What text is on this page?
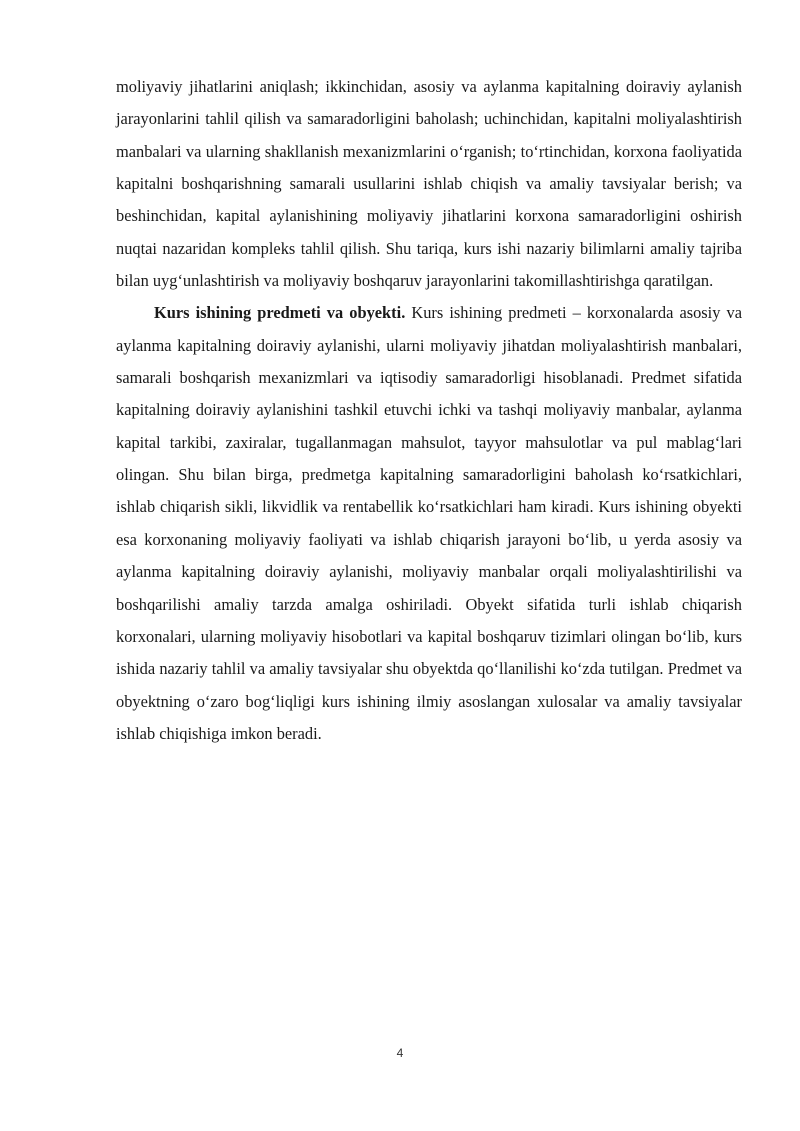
moliyaviy jihatlarini aniqlash; ikkinchidan, asosiy va aylanma kapitalning doiraviy aylanish jarayonlarini tahlil qilish va samaradorligini baholash; uchinchidan, kapitalni moliyalashtirish manbalari va ularning shakllanish mexanizmlarini o‘rganish; to‘rtinchidan, korxona faoliyatida kapitalni boshqarishning samarali usullarini ishlab chiqish va amaliy tavsiyalar berish; va beshinchidan, kapital aylanishining moliyaviy jihatlarini korxona samaradorligini oshirish nuqtai nazaridan kompleks tahlil qilish. Shu tariqa, kurs ishi nazariy bilimlarni amaliy tajriba bilan uyg‘unlashtirish va moliyaviy boshqaruv jarayonlarini takomillashtirishga qaratilgan.

Kurs ishining predmeti va obyekti. Kurs ishining predmeti – korxonalarda asosiy va aylanma kapitalning doiraviy aylanishi, ularni moliyaviy jihatdan moliyalashtirish manbalari, samarali boshqarish mexanizmlari va iqtisodiy samaradorligi hisoblanadi. Predmet sifatida kapitalning doiraviy aylanishini tashkil etuvchi ichki va tashqi moliyaviy manbalar, aylanma kapital tarkibi, zaxiralar, tugallanmagan mahsulot, tayyor mahsulotlar va pul mablag‘lari olingan. Shu bilan birga, predmetga kapitalning samaradorligini baholash ko‘rsatkichlari, ishlab chiqarish sikli, likvidlik va rentabellik ko‘rsatkichlari ham kiradi. Kurs ishining obyekti esa korxonaning moliyaviy faoliyati va ishlab chiqarish jarayoni bo‘lib, u yerda asosiy va aylanma kapitalning doiraviy aylanishi, moliyaviy manbalar orqali moliyalashtirilishi va boshqarilishi amaliy tarzda amalga oshiriladi. Obyekt sifatida turli ishlab chiqarish korxonalari, ularning moliyaviy hisobotlari va kapital boshqaruv tizimlari olingan bo‘lib, kurs ishida nazariy tahlil va amaliy tavsiyalar shu obyektda qo‘llanilishi ko‘zda tutilgan. Predmet va obyektning o‘zaro bog‘liqligi kurs ishining ilmiy asoslangan xulosalar va amaliy tavsiyalar ishlab chiqishiga imkon beradi.

4
